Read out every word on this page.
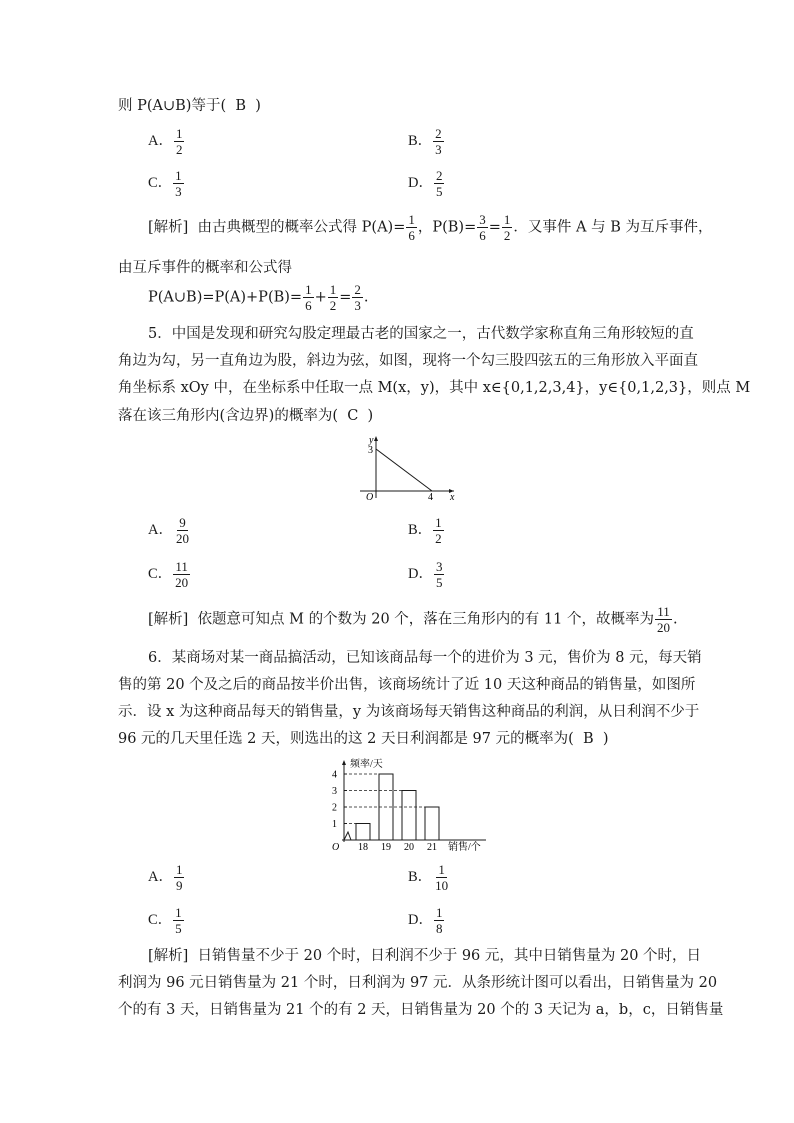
则 P(A∪B)等于( B )
A． $\frac{1}{2}$	B． $\frac{2}{3}$
C． $\frac{1}{3}$	D． $\frac{2}{5}$
[解析] 由古典概型的概率公式得 $P(A)= \frac{1}{6}$ ，$P(B)= \frac{3}{6} = \frac{1}{2}$ ．又事件 A 与 B 为互斥事件，
由互斥事件的概率和公式得
P(A∪B)=P(A)+P(B)= $\frac{1}{6} + \frac{1}{2} = \frac{2}{3}$ .
5．中国是发现和研究勾股定理最古老的国家之一，古代数学家称直角三角形较短的直
角边为勾，另一直角边为股，斜边为弦，如图，现将一个勾三股四弦五的三角形放入平面直
角坐标系 xOy 中，在坐标系中任取一点 M(x，y)，其中 x∈{0,1,2,3,4}，y∈{0,1,2,3}，则点 M
落在该三角形内(含边界)的概率为( C )
y
3
O	4 x
A． $\frac{9}{20}$	B． $\frac{1}{2}$
C． $\frac{11}{20}$	D． $\frac{3}{5}$
[解析] 依题意可知点 M 的个数为 20 个，落在三角形内的有 11 个，故概率为 $\frac{11}{20}$ .
6．某商场对某一商品搞活动，已知该商品每一个的进价为 3 元，售价为 8 元，每天销
售的第 20 个及之后的商品按半价出售，该商场统计了近 10 天这种商品的销售量，如图所
示．设 x 为这种商品每天的销售量，y 为该商场每天销售这种商品的利润，从日利润不少于
96 元的几天里任选 2 天，则选出的这 2 天日利润都是 97 元的概率为( B )
频率/天
销售/个
O
1
2
3
4
18 19 20 21
A． $\frac{1}{9}$	B． $\frac{1}{10}$
C． $\frac{1}{5}$	D． $\frac{1}{8}$
[解析] 日销售量不少于 20 个时，日利润不少于 96 元，其中日销售量为 20 个时，日
利润为 96 元日销售量为 21 个时，日利润为 97 元．从条形统计图可以看出，日销售量为 20
个的有 3 天，日销售量为 21 个的有 2 天，日销售量为 20 个的 3 天记为 a，b，c，日销售量
